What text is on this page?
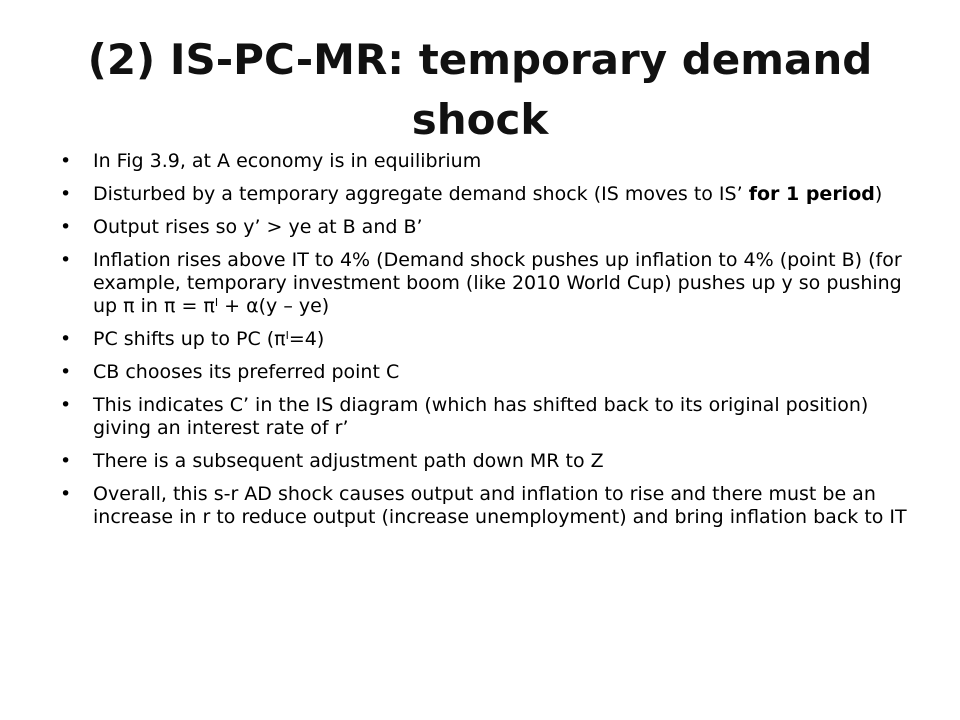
(2) IS-PC-MR: temporary demand shock
•	In Fig 3.9, at A economy is in equilibrium
•	Disturbed by a temporary aggregate demand shock (IS moves to IS’ for 1 period)
•	Output rises so y’ > ye at B and B’
•	Inflation rises above IT to 4% (Demand shock pushes up inflation to 4% (point B) (for example, temporary investment boom (like 2010 World Cup) pushes up y so pushing up π in $\pi = \pi^I + \alpha(y - ye)$
•	PC shifts up to PC $(\pi^I=4)$
•	CB chooses its preferred point C
•	This indicates C’ in the IS diagram (which has shifted back to its original position) giving an interest rate of r’
•	There is a subsequent adjustment path down MR to Z
•	Overall, this s-r AD shock causes output and inflation to rise and there must be an increase in r to reduce output (increase unemployment) and bring inflation back to IT
